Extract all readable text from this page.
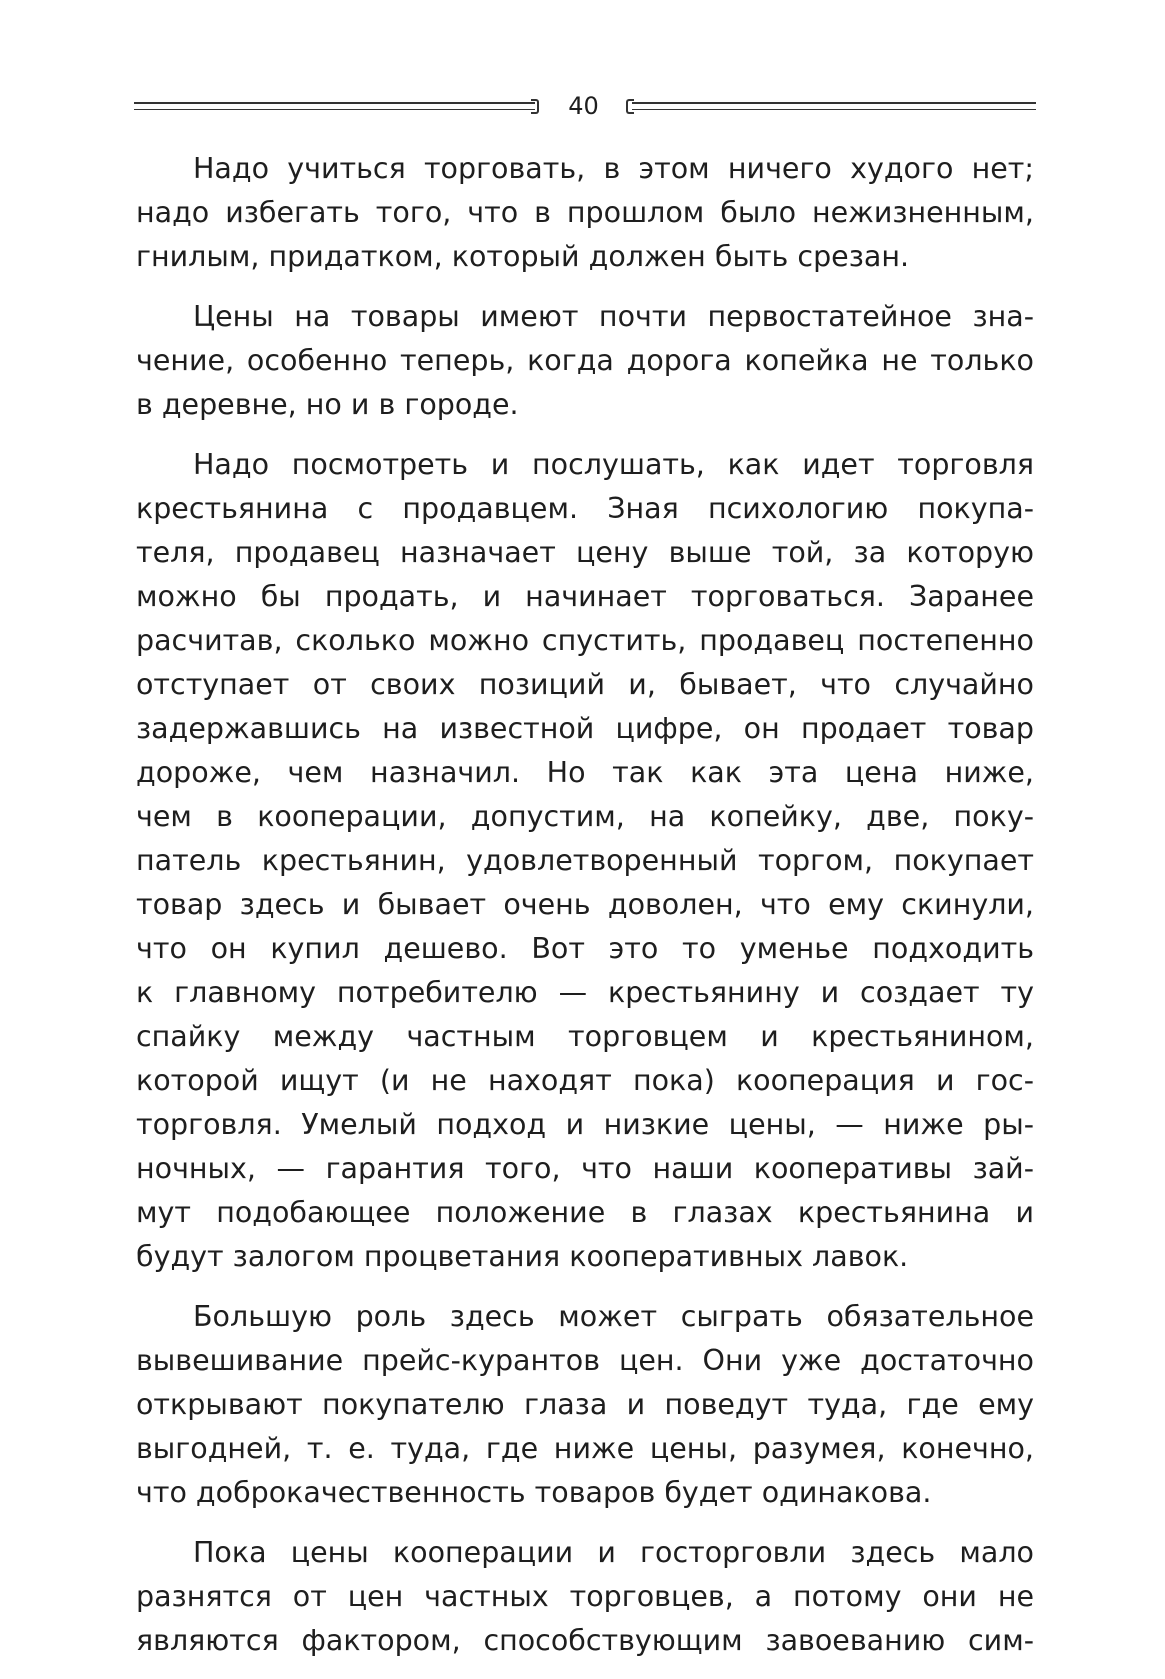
40
Надо учиться торговать, в этом ничего худого нет;
надо избегать того, что в прошлом было нежизненным,
гнилым, придатком, который должен быть срезан.
Цены на товары имеют почти первостатейное зна-
чение, особенно теперь, когда дорога копейка не только
в деревне, но и в городе.
Надо посмотреть и послушать, как идет торговля
крестьянина с продавцем. Зная психологию покупа-
теля, продавец назначает цену выше той, за которую
можно бы продать, и начинает торговаться. Заранее
расчитав, сколько можно спустить, продавец постепенно
отступает от своих позиций и, бывает, что случайно
задержавшись на известной цифре, он продает товар
дороже, чем назначил. Но так как эта цена ниже,
чем в кооперации, допустим, на копейку, две, поку-
патель крестьянин, удовлетворенный торгом, покупает
товар здесь и бывает очень доволен, что ему скинули,
что он купил дешево. Вот это то уменье подходить
к главному потребителю — крестьянину и создает ту
спайку между частным торговцем и крестьянином,
которой ищут (и не находят пока) кооперация и гос-
торговля. Умелый подход и низкие цены, — ниже ры-
ночных, — гарантия того, что наши кооперативы зай-
мут подобающее положение в глазах крестьянина и
будут залогом процветания кооперативных лавок.
Большую роль здесь может сыграть обязательное
вывешивание прейс-курантов цен. Они уже достаточно
открывают покупателю глаза и поведут туда, где ему
выгодней, т. е. туда, где ниже цены, разумея, конечно,
что доброкачественность товаров будет одинакова.
Пока цены кооперации и госторговли здесь мало
разнятся от цен частных торговцев, а потому они не
являются фактором, способствующим завоеванию сим-
